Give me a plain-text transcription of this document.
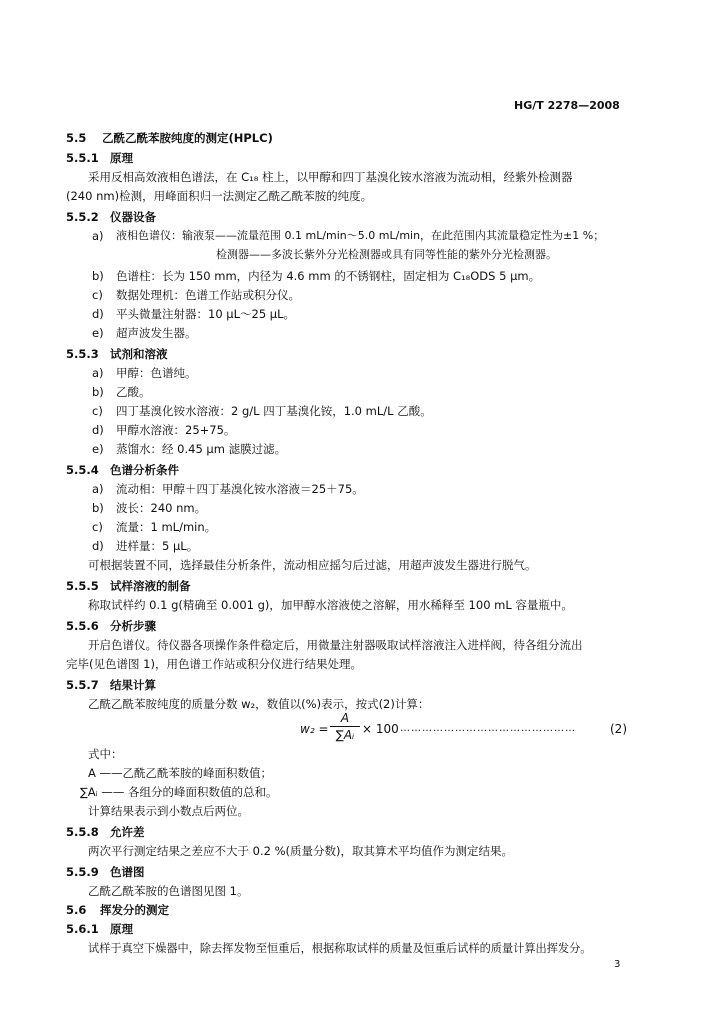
HG/T 2278—2008
5.5 乙酰乙酰苯胺纯度的测定(HPLC)
5.5.1 原理
采用反相高效液相色谱法，在 C₁₈ 柱上，以甲醇和四丁基溴化铵水溶液为流动相，经紫外检测器
(240 nm)检测，用峰面积归一法测定乙酰乙酰苯胺的纯度。
5.5.2 仪器设备
a) 液相色谱仪：输液泵——流量范围 0.1 mL/min～5.0 mL/min，在此范围内其流量稳定性为±1 %；
检测器——多波长紫外分光检测器或具有同等性能的紫外分光检测器。
b) 色谱柱：长为 150 mm，内径为 4.6 mm 的不锈钢柱，固定相为 C₁₈ODS 5 μm。
c) 数据处理机：色谱工作站或积分仪。
d) 平头微量注射器：10 μL～25 μL。
e) 超声波发生器。
5.5.3 试剂和溶液
a) 甲醇：色谱纯。
b) 乙酸。
c) 四丁基溴化铵水溶液：2 g/L 四丁基溴化铵，1.0 mL/L 乙酸。
d) 甲醇水溶液：25+75。
e) 蒸馏水：经 0.45 μm 滤膜过滤。
5.5.4 色谱分析条件
a) 流动相：甲醇＋四丁基溴化铵水溶液＝25＋75。
b) 波长：240 nm。
c) 流量：1 mL/min。
d) 进样量：5 μL。
可根据装置不同，选择最佳分析条件，流动相应摇匀后过滤，用超声波发生器进行脱气。
5.5.5 试样溶液的制备
称取试样约 0.1 g(精确至 0.001 g)，加甲醇水溶液使之溶解，用水稀释至 100 mL 容量瓶中。
5.5.6 分析步骤
开启色谱仪。待仪器各项操作条件稳定后，用微量注射器吸取试样溶液注入进样阀，待各组分流出
完毕(见色谱图 1)，用色谱工作站或积分仪进行结果处理。
5.5.7 结果计算
乙酰乙酰苯胺纯度的质量分数 w₂，数值以(%)表示，按式(2)计算：
w₂ =
A
∑Aᵢ × 100 …………………………………………	(2)
式中：
A ——乙酰乙酰苯胺的峰面积数值；
∑Aᵢ —— 各组分的峰面积数值的总和。
计算结果表示到小数点后两位。
5.5.8 允许差
两次平行测定结果之差应不大于 0.2 %(质量分数)，取其算术平均值作为测定结果。
5.5.9 色谱图
乙酰乙酰苯胺的色谱图见图 1。
5.6 挥发分的测定
5.6.1 原理
试样于真空下燥器中，除去挥发物至恒重后，根据称取试样的质量及恒重后试样的质量计算出挥发分。
3
